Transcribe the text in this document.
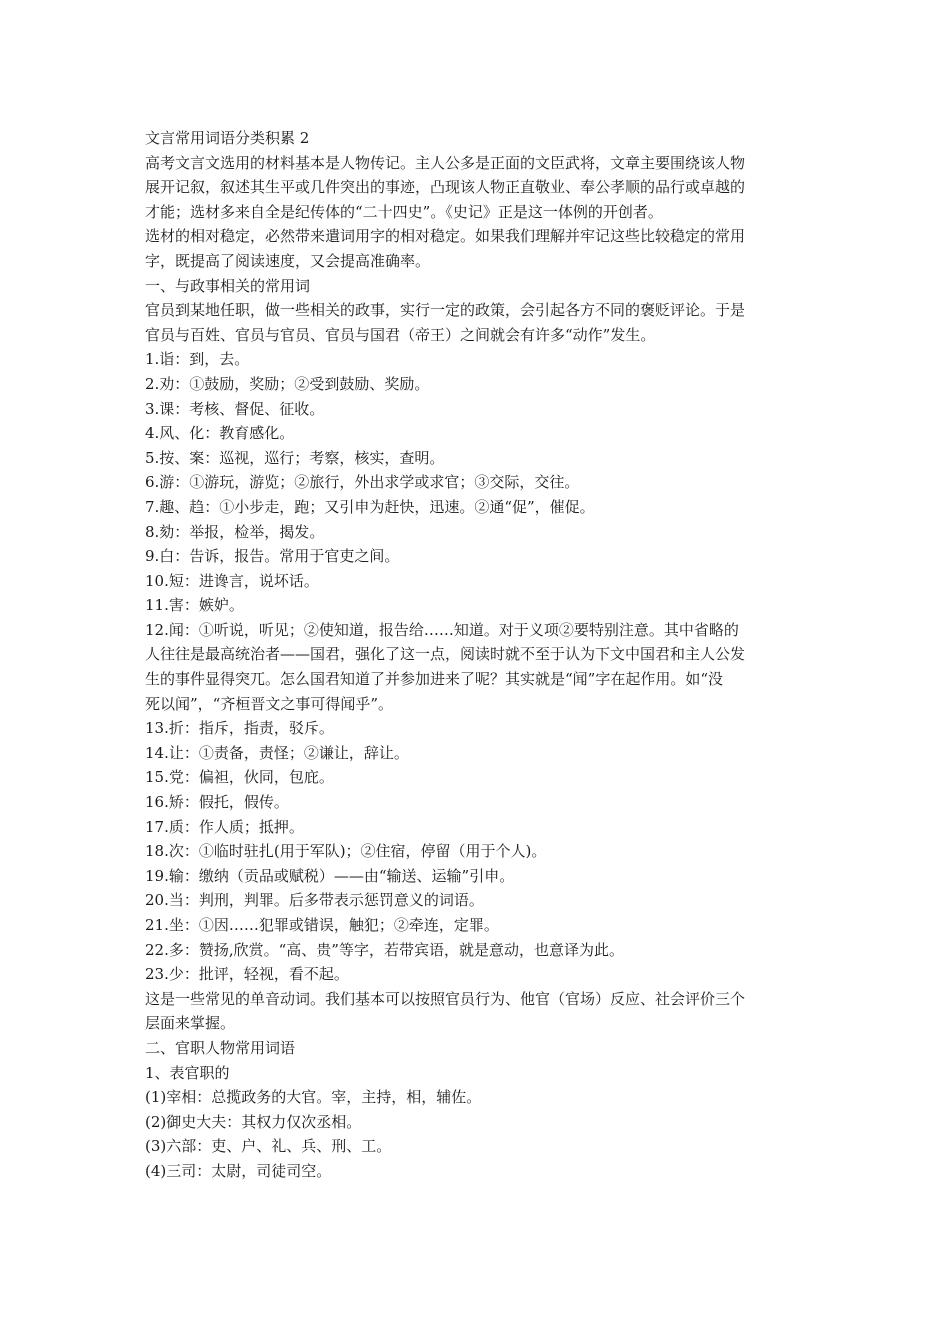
文言常用词语分类积累 2
高考文言文选用的材料基本是人物传记。主人公多是正面的文臣武将，文章主要围绕该人物
展开记叙，叙述其生平或几件突出的事迹，凸现该人物正直敬业、奉公孝顺的品行或卓越的
才能；选材多来自全是纪传体的“二十四史”。《史记》正是这一体例的开创者。
选材的相对稳定，必然带来遣词用字的相对稳定。如果我们理解并牢记这些比较稳定的常用
字，既提高了阅读速度，又会提高准确率。
一、与政事相关的常用词
官员到某地任职，做一些相关的政事，实行一定的政策，会引起各方不同的褒贬评论。于是
官员与百姓、官员与官员、官员与国君（帝王）之间就会有许多“动作”发生。
1.诣：到，去。
2.劝：①鼓励，奖励；②受到鼓励、奖励。
3.课：考核、督促、征收。
4.风、化：教育感化。
5.按、案：巡视，巡行；考察，核实，查明。
6.游：①游玩，游览；②旅行，外出求学或求官；③交际，交往。
7.趣、趋：①小步走，跑；又引申为赶快，迅速。②通“促”，催促。
8.劾：举报，检举，揭发。
9.白：告诉，报告。常用于官吏之间。
10.短：进谗言，说坏话。
11.害：嫉妒。
12.闻：①听说，听见；②使知道，报告给……知道。对于义项②要特别注意。其中省略的
人往往是最高统治者——国君，强化了这一点，阅读时就不至于认为下文中国君和主人公发
生的事件显得突兀。怎么国君知道了并参加进来了呢？其实就是“闻”字在起作用。如“没
死以闻”，“齐桓晋文之事可得闻乎”。
13.折：指斥，指责，驳斥。
14.让：①责备，责怪；②谦让，辞让。
15.党：偏袒，伙同，包庇。
16.矫：假托，假传。
17.质：作人质；抵押。
18.次：①临时驻扎(用于军队)；②住宿，停留（用于个人)。
19.输：缴纳（贡品或赋税）——由“输送、运输”引申。
20.当：判刑，判罪。后多带表示惩罚意义的词语。
21.坐：①因……犯罪或错误，触犯；②牵连，定罪。
22.多：赞扬,欣赏。“高、贵”等字，若带宾语，就是意动，也意译为此。
23.少：批评，轻视，看不起。
这是一些常见的单音动词。我们基本可以按照官员行为、他官（官场）反应、社会评价三个
层面来掌握。
二、官职人物常用词语
1、表官职的
(1)宰相：总揽政务的大官。宰，主持，相，辅佐。
(2)御史大夫：其权力仅次丞相。
(3)六部：吏、户、礼、兵、刑、工。
(4)三司：太尉，司徒司空。
